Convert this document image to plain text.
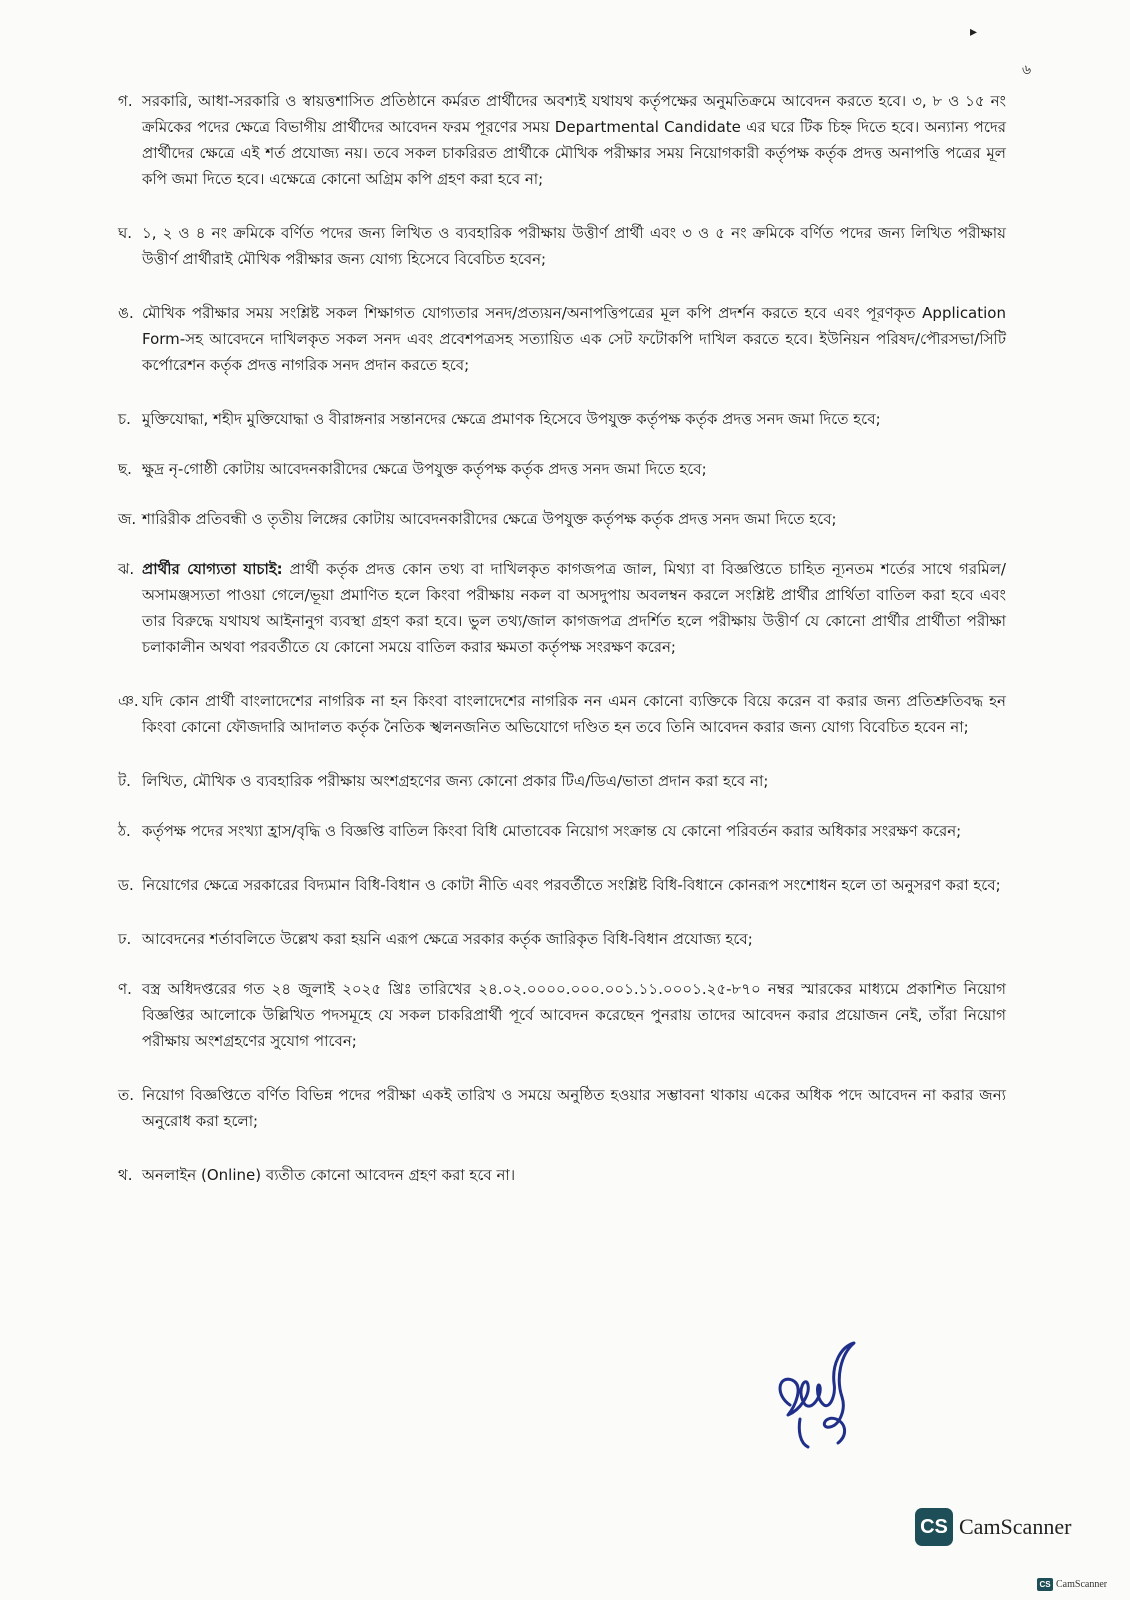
▸
৬
গ. সরকারি, আধা-সরকারি ও স্বায়ত্তশাসিত প্রতিষ্ঠানে কর্মরত প্রার্থীদের অবশ্যই যথাযথ কর্তৃপক্ষের অনুমতিক্রমে আবেদন করতে হবে। ৩, ৮ ও ১৫ নং ক্রমিকের পদের ক্ষেত্রে বিভাগীয় প্রার্থীদের আবেদন ফরম পূরণের সময় Departmental Candidate এর ঘরে টিক চিহ্ন দিতে হবে। অন্যান্য পদের প্রার্থীদের ক্ষেত্রে এই শর্ত প্রযোজ্য নয়। তবে সকল চাকরিরত প্রার্থীকে মৌখিক পরীক্ষার সময় নিয়োগকারী কর্তৃপক্ষ কর্তৃক প্রদত্ত অনাপত্তি পত্রের মূল কপি জমা দিতে হবে। এক্ষেত্রে কোনো অগ্রিম কপি গ্রহণ করা হবে না;
ঘ. ১, ২ ও ৪ নং ক্রমিকে বর্ণিত পদের জন্য লিখিত ও ব্যবহারিক পরীক্ষায় উত্তীর্ণ প্রার্থী এবং ৩ ও ৫ নং ক্রমিকে বর্ণিত পদের জন্য লিখিত পরীক্ষায় উত্তীর্ণ প্রার্থীরাই মৌখিক পরীক্ষার জন্য যোগ্য হিসেবে বিবেচিত হবেন;
ঙ. মৌখিক পরীক্ষার সময় সংশ্লিষ্ট সকল শিক্ষাগত যোগ্যতার সনদ/প্রত্যয়ন/অনাপত্তিপত্রের মূল কপি প্রদর্শন করতে হবে এবং পূরণকৃত Application Form-সহ আবেদনে দাখিলকৃত সকল সনদ এবং প্রবেশপত্রসহ সত্যায়িত এক সেট ফটোকপি দাখিল করতে হবে। ইউনিয়ন পরিষদ/পৌরসভা/সিটি কর্পোরেশন কর্তৃক প্রদত্ত নাগরিক সনদ প্রদান করতে হবে;
চ. মুক্তিযোদ্ধা, শহীদ মুক্তিযোদ্ধা ও বীরাঙ্গনার সন্তানদের ক্ষেত্রে প্রমাণক হিসেবে উপযুক্ত কর্তৃপক্ষ কর্তৃক প্রদত্ত সনদ জমা দিতে হবে;
ছ. ক্ষুদ্র নৃ-গোষ্ঠী কোটায় আবেদনকারীদের ক্ষেত্রে উপযুক্ত কর্তৃপক্ষ কর্তৃক প্রদত্ত সনদ জমা দিতে হবে;
জ. শারিরীক প্রতিবন্ধী ও তৃতীয় লিঙ্গের কোটায় আবেদনকারীদের ক্ষেত্রে উপযুক্ত কর্তৃপক্ষ কর্তৃক প্রদত্ত সনদ জমা দিতে হবে;
ঝ. প্রার্থীর যোগ্যতা যাচাই: প্রার্থী কর্তৃক প্রদত্ত কোন তথ্য বা দাখিলকৃত কাগজপত্র জাল, মিথ্যা বা বিজ্ঞপ্তিতে চাহিত ন্যূনতম শর্তের সাথে গরমিল/অসামঞ্জস্যতা পাওয়া গেলে/ভূয়া প্রমাণিত হলে কিংবা পরীক্ষায় নকল বা অসদুপায় অবলম্বন করলে সংশ্লিষ্ট প্রার্থীর প্রার্থিতা বাতিল করা হবে এবং তার বিরুদ্ধে যথাযথ আইনানুগ ব্যবস্থা গ্রহণ করা হবে। ভুল তথ্য/জাল কাগজপত্র প্রদর্শিত হলে পরীক্ষায় উত্তীর্ণ যে কোনো প্রার্থীর প্রার্থীতা পরীক্ষা চলাকালীন অথবা পরবর্তীতে যে কোনো সময়ে বাতিল করার ক্ষমতা কর্তৃপক্ষ সংরক্ষণ করেন;
ঞ. যদি কোন প্রার্থী বাংলাদেশের নাগরিক না হন কিংবা বাংলাদেশের নাগরিক নন এমন কোনো ব্যক্তিকে বিয়ে করেন বা করার জন্য প্রতিশ্রুতিবদ্ধ হন কিংবা কোনো ফৌজদারি আদালত কর্তৃক নৈতিক স্খলনজনিত অভিযোগে দণ্ডিত হন তবে তিনি আবেদন করার জন্য যোগ্য বিবেচিত হবেন না;
ট. লিখিত, মৌখিক ও ব্যবহারিক পরীক্ষায় অংশগ্রহণের জন্য কোনো প্রকার টিএ/ডিএ/ভাতা প্রদান করা হবে না;
ঠ. কর্তৃপক্ষ পদের সংখ্যা হ্রাস/বৃদ্ধি ও বিজ্ঞপ্তি বাতিল কিংবা বিধি মোতাবেক নিয়োগ সংক্রান্ত যে কোনো পরিবর্তন করার অধিকার সংরক্ষণ করেন;
ড. নিয়োগের ক্ষেত্রে সরকারের বিদ্যমান বিধি-বিধান ও কোটা নীতি এবং পরবর্তীতে সংশ্লিষ্ট বিধি-বিধানে কোনরূপ সংশোধন হলে তা অনুসরণ করা হবে;
ঢ. আবেদনের শর্তাবলিতে উল্লেখ করা হয়নি এরূপ ক্ষেত্রে সরকার কর্তৃক জারিকৃত বিধি-বিধান প্রযোজ্য হবে;
ণ. বস্ত্র অধিদপ্তরের গত ২৪ জুলাই ২০২৫ খ্রিঃ তারিখের ২৪.০২.০০০০.০০০.০০১.১১.০০০১.২৫-৮৭০ নম্বর স্মারকের মাধ্যমে প্রকাশিত নিয়োগ বিজ্ঞপ্তির আলোকে উল্লিখিত পদসমূহে যে সকল চাকরিপ্রার্থী পূর্বে আবেদন করেছেন পুনরায় তাদের আবেদন করার প্রয়োজন নেই, তাঁরা নিয়োগ পরীক্ষায় অংশগ্রহণের সুযোগ পাবেন;
ত. নিয়োগ বিজ্ঞপ্তিতে বর্ণিত বিভিন্ন পদের পরীক্ষা একই তারিখ ও সময়ে অনুষ্ঠিত হওয়ার সম্ভাবনা থাকায় একের অধিক পদে আবেদন না করার জন্য অনুরোধ করা হলো;
থ. অনলাইন (Online) ব্যতীত কোনো আবেদন গ্রহণ করা হবে না।
CS CamScanner
CS CamScanner
